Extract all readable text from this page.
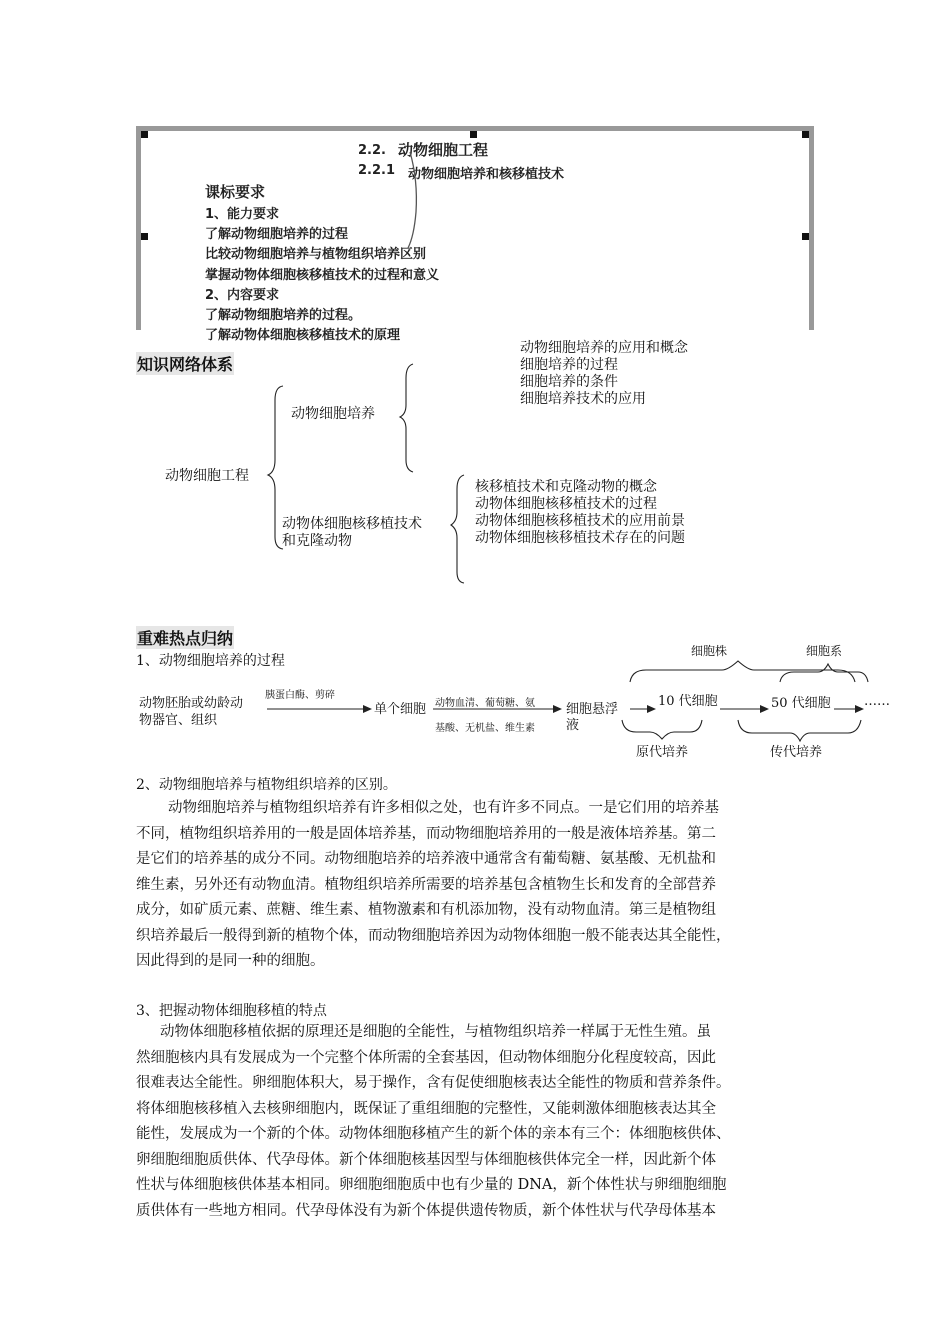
2.2. 动物细胞工程
2.2.1 动物细胞培养和核移植技术
课标要求
1、能力要求
了解动物细胞培养的过程
比较动物细胞培养与植物组织培养区别
掌握动物体细胞核移植技术的过程和意义
2、内容要求
了解动物细胞培养的过程。
了解动物体细胞核移植技术的原理
知识网络体系
动物细胞培养的应用和概念
细胞培养的过程
细胞培养的条件
细胞培养技术的应用
动物细胞培养
动物细胞工程
核移植技术和克隆动物的概念
动物体细胞核移植技术的过程
动物体细胞核移植技术的应用前景
动物体细胞核移植技术存在的问题
动物体细胞核移植技术
和克隆动物
重难热点归纳
1、动物细胞培养的过程
细胞株	细胞系
动物胚胎或幼龄动
物器官、组织
胰蛋白酶、剪碎
单个细胞 动物血清、葡萄糖、氨
基酸、无机盐、维生素
细胞悬浮
液
10 代细胞	50 代细胞	……
原代培养	传代培养
2、动物细胞培养与植物组织培养的区别。
动物细胞培养与植物组织培养有许多相似之处，也有许多不同点。一是它们用的培养基
不同，植物组织培养用的一般是固体培养基，而动物细胞培养用的一般是液体培养基。第二
是它们的培养基的成分不同。动物细胞培养的培养液中通常含有葡萄糖、氨基酸、无机盐和
维生素，另外还有动物血清。植物组织培养所需要的培养基包含植物生长和发育的全部营养
成分，如矿质元素、蔗糖、维生素、植物激素和有机添加物，没有动物血清。第三是植物组
织培养最后一般得到新的植物个体，而动物细胞培养因为动物体细胞一般不能表达其全能性，
因此得到的是同一种的细胞。
3、把握动物体细胞移植的特点
动物体细胞移植依据的原理还是细胞的全能性，与植物组织培养一样属于无性生殖。虽
然细胞核内具有发展成为一个完整个体所需的全套基因，但动物体细胞分化程度较高，因此
很难表达全能性。卵细胞体积大，易于操作，含有促使细胞核表达全能性的物质和营养条件。
将体细胞核移植入去核卵细胞内，既保证了重组细胞的完整性，又能刺激体细胞核表达其全
能性，发展成为一个新的个体。动物体细胞移植产生的新个体的亲本有三个：体细胞核供体、
卵细胞细胞质供体、代孕母体。新个体细胞核基因型与体细胞核供体完全一样，因此新个体
性状与体细胞核供体基本相同。卵细胞细胞质中也有少量的 DNA，新个体性状与卵细胞细胞
质供体有一些地方相同。代孕母体没有为新个体提供遗传物质，新个体性状与代孕母体基本
